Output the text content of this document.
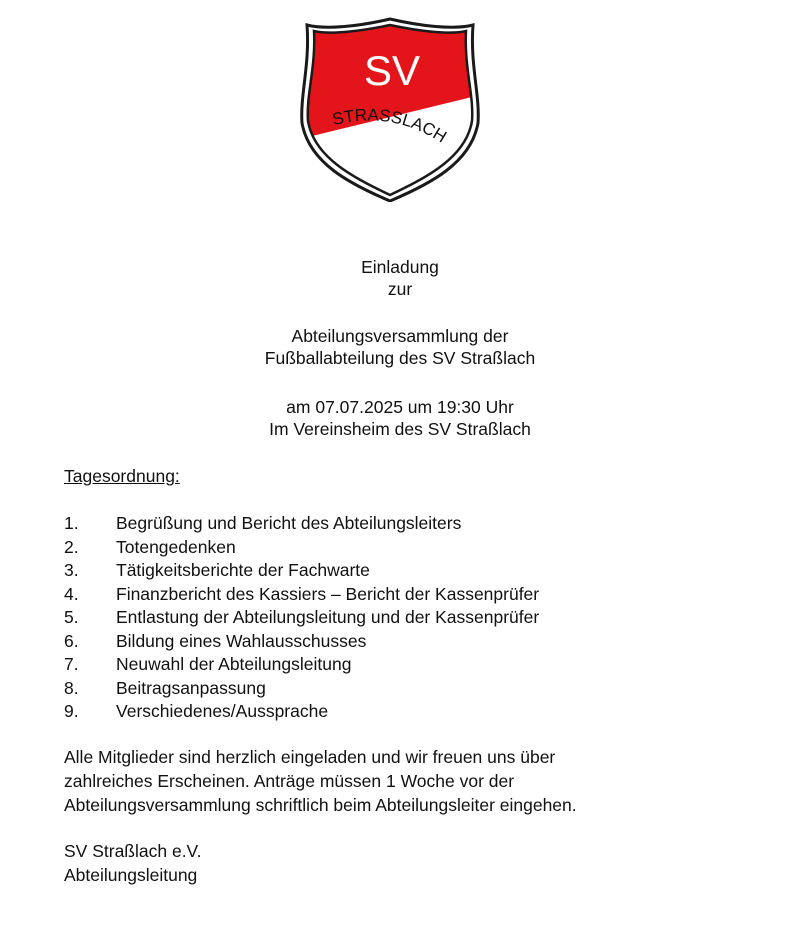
SV
STRASSLACH
Einladung
zur
Abteilungsversammlung der
Fußballabteilung des SV Straßlach
am 07.07.2025 um 19:30 Uhr
Im Vereinsheim des SV Straßlach
Tagesordnung:
1. Begrüßung und Bericht des Abteilungsleiters
2. Totengedenken
3. Tätigkeitsberichte der Fachwarte
4. Finanzbericht des Kassiers – Bericht der Kassenprüfer
5. Entlastung der Abteilungsleitung und der Kassenprüfer
6. Bildung eines Wahlausschusses
7. Neuwahl der Abteilungsleitung
8. Beitragsanpassung
9. Verschiedenes/Aussprache
Alle Mitglieder sind herzlich eingeladen und wir freuen uns über
zahlreiches Erscheinen. Anträge müssen 1 Woche vor der
Abteilungsversammlung schriftlich beim Abteilungsleiter eingehen.
SV Straßlach e.V.
Abteilungsleitung
